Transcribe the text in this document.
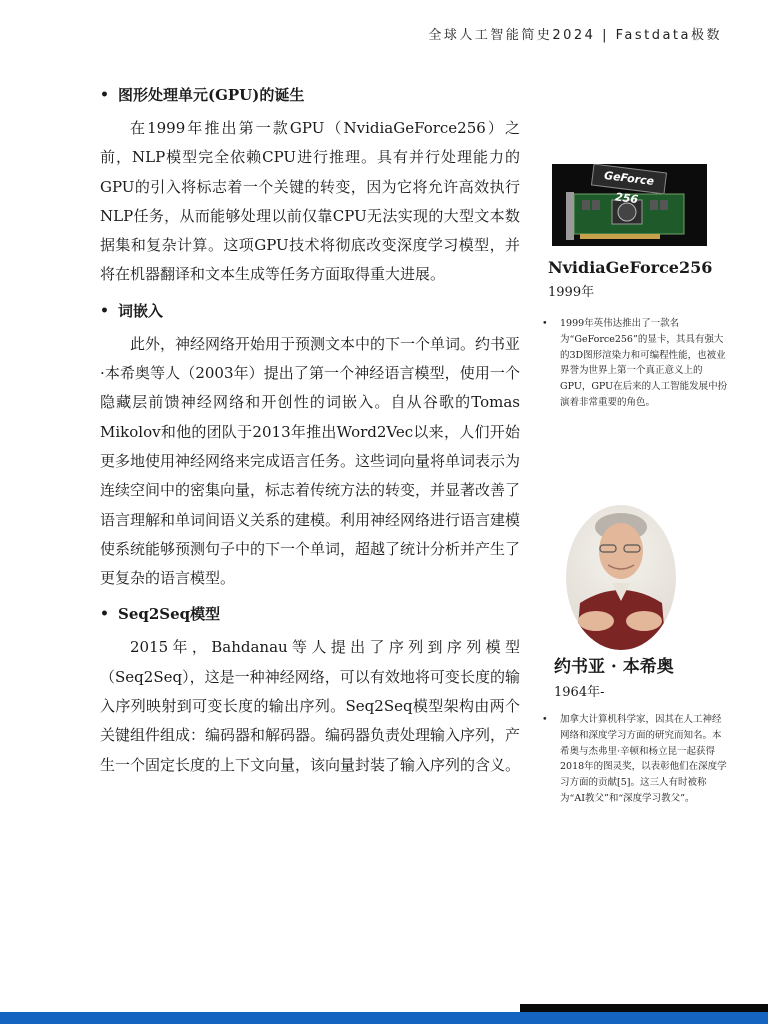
全球人工智能简史2024 | Fastdata极数
• 图形处理单元(GPU)的诞生

在1999年推出第一款GPU（NvidiaGeForce256）之前，NLP模型完全依赖CPU进行推理。具有并行处理能力的GPU的引入将标志着一个关键的转变，因为它将允许高效执行NLP任务，从而能够处理以前仅靠CPU无法实现的大型文本数据集和复杂计算。这项GPU技术将彻底改变深度学习模型，并将在机器翻译和文本生成等任务方面取得重大进展。

• 词嵌入

此外，神经网络开始用于预测文本中的下一个单词。约书亚·本希奥等人（2003年）提出了第一个神经语言模型，使用一个隐藏层前馈神经网络和开创性的词嵌入。自从谷歌的Tomas Mikolov和他的团队于2013年推出Word2Vec以来，人们开始更多地使用神经网络来完成语言任务。这些词向量将单词表示为连续空间中的密集向量，标志着传统方法的转变，并显著改善了语言理解和单词间语义关系的建模。利用神经网络进行语言建模使系统能够预测句子中的下一个单词，超越了统计分析并产生了更复杂的语言模型。

• Seq2Seq模型

2015年，Bahdanau等人提出了序列到序列模型（Seq2Seq），这是一种神经网络，可以有效地将可变长度的输入序列映射到可变长度的输出序列。Seq2Seq模型架构由两个关键组件组成：编码器和解码器。编码器负责处理输入序列，产生一个固定长度的上下文向量，该向量封装了输入序列的含义。

GeForce 256
NvidiaGeForce256
1999年
• 1999年英伟达推出了一款名为“GeForce256”的显卡，其具有强大的3D图形渲染力和可编程性能，也被业界誉为世界上第一个真正意义上的GPU，GPU在后来的人工智能发展中扮演着非常重要的角色。
约书亚 · 本希奥
1964年-
• 加拿大计算机科学家，因其在人工神经网络和深度学习方面的研究而知名。本希奥与杰弗里·辛顿和杨立昆一起获得2018年的图灵奖，以表彰他们在深度学习方面的贡献[5]。这三人有时被称为“AI教父”和“深度学习教父”。
